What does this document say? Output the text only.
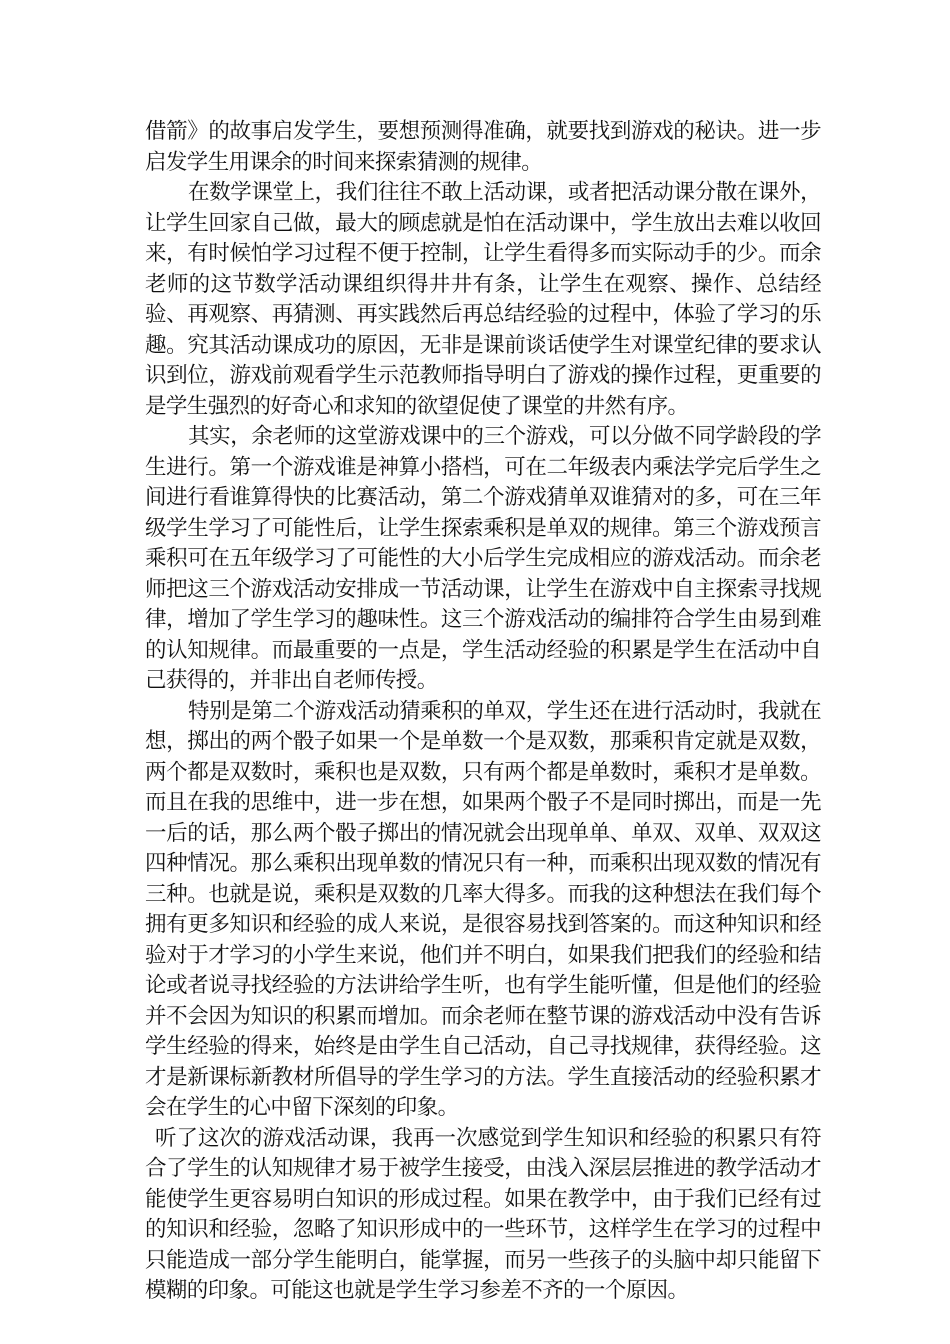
借箭》的故事启发学生，要想预测得准确，就要找到游戏的秘诀。进一步启发学生用课余的时间来探索猜测的规律。

在数学课堂上，我们往往不敢上活动课，或者把活动课分散在课外，让学生回家自己做，最大的顾虑就是怕在活动课中，学生放出去难以收回来，有时候怕学习过程不便于控制，让学生看得多而实际动手的少。而余老师的这节数学活动课组织得井井有条，让学生在观察、操作、总结经验、再观察、再猜测、再实践然后再总结经验的过程中，体验了学习的乐趣。究其活动课成功的原因，无非是课前谈话使学生对课堂纪律的要求认识到位，游戏前观看学生示范教师指导明白了游戏的操作过程，更重要的是学生强烈的好奇心和求知的欲望促使了课堂的井然有序。

其实，余老师的这堂游戏课中的三个游戏，可以分做不同学龄段的学生进行。第一个游戏谁是神算小搭档，可在二年级表内乘法学完后学生之间进行看谁算得快的比赛活动，第二个游戏猜单双谁猜对的多，可在三年级学生学习了可能性后，让学生探索乘积是单双的规律。第三个游戏预言乘积可在五年级学习了可能性的大小后学生完成相应的游戏活动。而余老师把这三个游戏活动安排成一节活动课，让学生在游戏中自主探索寻找规律，增加了学生学习的趣味性。这三个游戏活动的编排符合学生由易到难的认知规律。而最重要的一点是，学生活动经验的积累是学生在活动中自己获得的，并非出自老师传授。

特别是第二个游戏活动猜乘积的单双，学生还在进行活动时，我就在想，掷出的两个骰子如果一个是单数一个是双数，那乘积肯定就是双数，两个都是双数时，乘积也是双数，只有两个都是单数时，乘积才是单数。而且在我的思维中，进一步在想，如果两个骰子不是同时掷出，而是一先一后的话，那么两个骰子掷出的情况就会出现单单、单双、双单、双双这四种情况。那么乘积出现单数的情况只有一种，而乘积出现双数的情况有三种。也就是说，乘积是双数的几率大得多。而我的这种想法在我们每个拥有更多知识和经验的成人来说，是很容易找到答案的。而这种知识和经验对于才学习的小学生来说，他们并不明白，如果我们把我们的经验和结论或者说寻找经验的方法讲给学生听，也有学生能听懂，但是他们的经验并不会因为知识的积累而增加。而余老师在整节课的游戏活动中没有告诉学生经验的得来，始终是由学生自己活动，自己寻找规律，获得经验。这才是新课标新教材所倡导的学生学习的方法。学生直接活动的经验积累才会在学生的心中留下深刻的印象。

听了这次的游戏活动课，我再一次感觉到学生知识和经验的积累只有符合了学生的认知规律才易于被学生接受，由浅入深层层推进的教学活动才能使学生更容易明白知识的形成过程。如果在教学中，由于我们已经有过的知识和经验，忽略了知识形成中的一些环节，这样学生在学习的过程中只能造成一部分学生能明白，能掌握，而另一些孩子的头脑中却只能留下模糊的印象。可能这也就是学生学习参差不齐的一个原因。
